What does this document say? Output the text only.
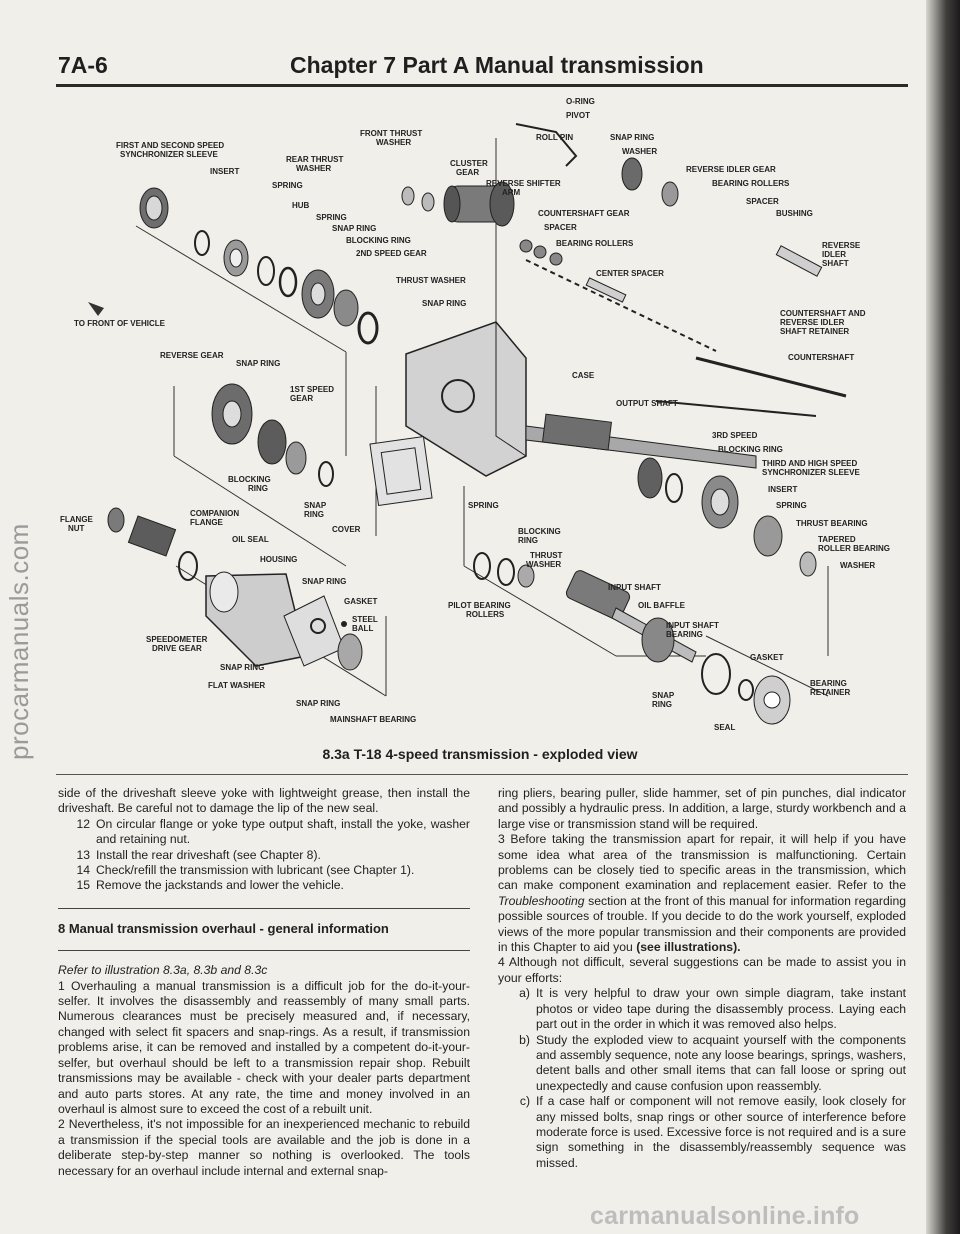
procarmanuals.com
7A-6	Chapter 7 Part A Manual transmission
FIRST AND SECOND SPEED
SYNCHRONIZER SLEEVE
INSERT
SPRING
HUB
SPRING
SNAP RING
BLOCKING RING
2ND SPEED GEAR
THRUST WASHER
SNAP RING
TO FRONT OF VEHICLE
FRONT THRUST
WASHER
REAR THRUST
WASHER
CLUSTER
GEAR
O-RING
PIVOT
ROLL PIN	SNAP RING
WASHER
REVERSE IDLER GEAR
REVERSE SHIFTER
ARM
BEARING ROLLERS
SPACER
COUNTERSHAFT GEAR	BUSHING
SPACER
BEARING ROLLERS	REVERSE
IDLER
SHAFT
CENTER SPACER
COUNTERSHAFT AND
REVERSE IDLER
SHAFT RETAINER
COUNTERSHAFT
REVERSE GEAR
SNAP RING
1ST SPEED
GEAR
CASE
OUTPUT SHAFT
3RD SPEED
BLOCKING RING
THIRD AND HIGH SPEED
SYNCHRONIZER SLEEVE
INSERT
SPRING
THRUST BEARING
TAPERED
ROLLER BEARING
WASHER
BLOCKING
RING
SNAP
RING
FLANGE
NUT
COMPANION
FLANGE
OIL SEAL
COVER
HOUSING
SNAP RING
GASKET
STEEL
BALL
SPEEDOMETER
DRIVE GEAR
SNAP RING
FLAT WASHER
SNAP RING
MAINSHAFT BEARING
SPRING
BLOCKING
RING
THRUST
WASHER
INPUT SHAFT
PILOT BEARING
ROLLERS
OIL BAFFLE
INPUT SHAFT
BEARING
GASKET
BEARING
RETAINER
SNAP
RING
SEAL
8.3a T-18 4-speed transmission - exploded view

side of the driveshaft sleeve yoke with lightweight grease, then install the driveshaft. Be careful not to damage the lip of the new seal.

12 On circular flange or yoke type output shaft, install the yoke, washer and retaining nut.
13 Install the rear driveshaft (see Chapter 8).
14 Check/refill the transmission with lubricant (see Chapter 1).
15 Remove the jackstands and lower the vehicle.
8 Manual transmission overhaul - general information

Refer to illustration 8.3a, 8.3b and 8.3c

1 Overhauling a manual transmission is a difficult job for the do-it-your-selfer. It involves the disassembly and reassembly of many small parts. Numerous clearances must be precisely measured and, if necessary, changed with select fit spacers and snap-rings. As a result, if transmission problems arise, it can be removed and installed by a competent do-it-your-selfer, but overhaul should be left to a transmission repair shop. Rebuilt transmissions may be available - check with your dealer parts department and auto parts stores. At any rate, the time and money involved in an overhaul is almost sure to exceed the cost of a rebuilt unit.

2 Nevertheless, it's not impossible for an inexperienced mechanic to rebuild a transmission if the special tools are available and the job is done in a deliberate step-by-step manner so nothing is overlooked. The tools necessary for an overhaul include internal and external snap-

ring pliers, bearing puller, slide hammer, set of pin punches, dial indicator and possibly a hydraulic press. In addition, a large, sturdy workbench and a large vise or transmission stand will be required.

3 Before taking the transmission apart for repair, it will help if you have some idea what area of the transmission is malfunctioning. Certain problems can be closely tied to specific areas in the transmission, which can make component examination and replacement easier. Refer to the Troubleshooting section at the front of this manual for information regarding possible sources of trouble. If you decide to do the work yourself, exploded views of the more popular transmission and their components are provided in this Chapter to aid you (see illustrations).

4 Although not difficult, several suggestions can be made to assist you in your efforts:

a) It is very helpful to draw your own simple diagram, take instant photos or video tape during the disassembly process. Laying each part out in the order in which it was removed also helps.
b) Study the exploded view to acquaint yourself with the components and assembly sequence, note any loose bearings, springs, washers, detent balls and other small items that can fall loose or spring out unexpectedly and cause confusion upon reassembly.
c) If a case half or component will not remove easily, look closely for any missed bolts, snap rings or other source of interference before moderate force is used. Excessive force is not required and is a sure sign something in the disassembly/reassembly sequence was missed.
carmanualsonline.info
